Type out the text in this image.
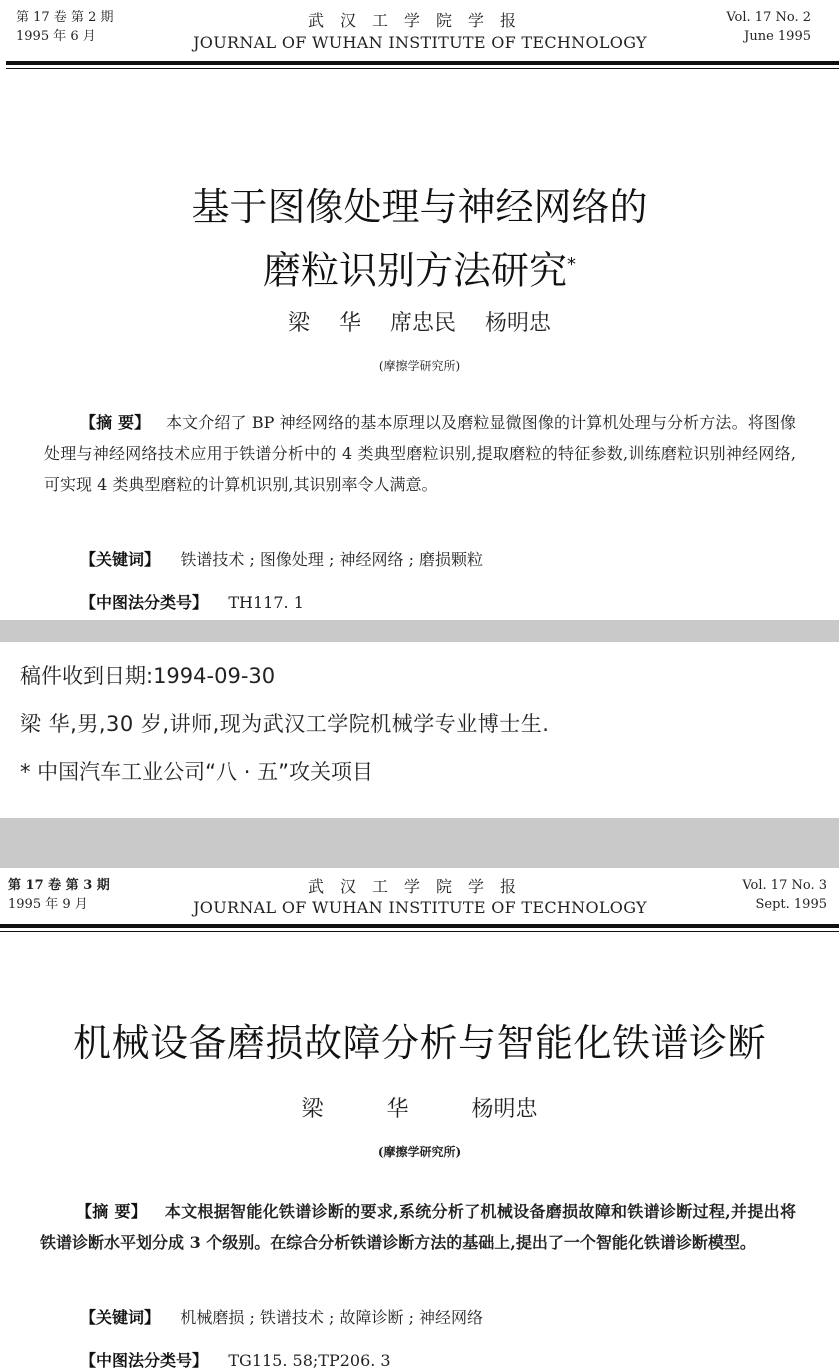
第 17 卷 第 2 期
1995 年 6 月
武汉工学院学报
JOURNAL OF WUHAN INSTITUTE OF TECHNOLOGY
Vol. 17 No. 2
June 1995
基于图像处理与神经网络的
磨粒识别方法研究*
梁 华 席忠民 杨明忠
(摩擦学研究所)
【摘 要】 本文介绍了 BP 神经网络的基本原理以及磨粒显微图像的计算机处理与分析方法。将图像处理与神经网络技术应用于铁谱分析中的 4 类典型磨粒识别,提取磨粒的特征参数,训练磨粒识别神经网络,可实现 4 类典型磨粒的计算机识别,其识别率令人满意。
【关键词】 铁谱技术 ; 图像处理 ; 神经网络 ; 磨损颗粒
【中图法分类号】 TH117. 1
稿件收到日期:1994-09-30
梁 华,男,30 岁,讲师,现为武汉工学院机械学专业博士生.
* 中国汽车工业公司“八 · 五”攻关项目
第 17 卷 第 3 期
1995 年 9 月
武汉工学院学报
JOURNAL OF WUHAN INSTITUTE OF TECHNOLOGY
Vol. 17 No. 3
Sept. 1995
机械设备磨损故障分析与智能化铁谱诊断
梁 华 杨明忠
(摩擦学研究所)
【摘 要】 本文根据智能化铁谱诊断的要求,系统分析了机械设备磨损故障和铁谱诊断过程,并提出将铁谱诊断水平划分成 3 个级别。在综合分析铁谱诊断方法的基础上,提出了一个智能化铁谱诊断模型。
【关键词】 机械磨损 ; 铁谱技术 ; 故障诊断 ; 神经网络
【中图法分类号】 TG115. 58;TP206. 3
